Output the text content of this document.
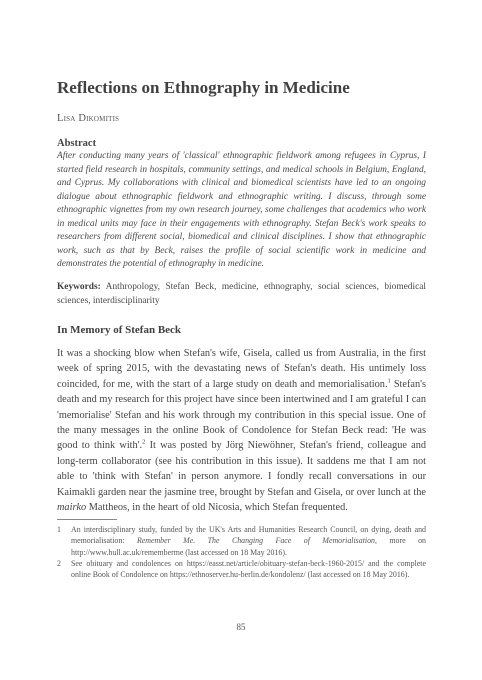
Reflections on Ethnography in Medicine
Lisa Dikomitis
Abstract

After conducting many years of 'classical' ethnographic fieldwork among refugees in Cyprus, I started field research in hospitals, community settings, and medical schools in Belgium, England, and Cyprus. My collaborations with clinical and biomedical scientists have led to an ongoing dialogue about ethnographic fieldwork and ethnographic writing. I discuss, through some ethnographic vignettes from my own research journey, some challenges that academics who work in medical units may face in their engagements with ethnography. Stefan Beck's work speaks to researchers from different social, biomedical and clinical disciplines. I show that ethnographic work, such as that by Beck, raises the profile of social scientific work in medicine and demonstrates the potential of ethnography in medicine.

Keywords: Anthropology, Stefan Beck, medicine, ethnography, social sciences, biomedical sciences, interdisciplinarity

In Memory of Stefan Beck

It was a shocking blow when Stefan's wife, Gisela, called us from Australia, in the first week of spring 2015, with the devastating news of Stefan's death. His untimely loss coincided, for me, with the start of a large study on death and memorialisation.$^1$ Stefan's death and my research for this project have since been intertwined and I am grateful I can 'memorialise' Stefan and his work through my contribution in this special issue. One of the many messages in the online Book of Condolence for Stefan Beck read: 'He was good to think with'.$^2$ It was posted by Jörg Niewöhner, Stefan's friend, colleague and long-term collaborator (see his contribution in this issue). It saddens me that I am not able to 'think with Stefan' in person anymore. I fondly recall conversations in our Kaimakli garden near the jasmine tree, brought by Stefan and Gisela, or over lunch at the mairko Mattheos, in the heart of old Nicosia, which Stefan frequented.

1 An interdisciplinary study, funded by the UK's Arts and Humanities Research Council, on dying, death and memorialisation: Remember Me. The Changing Face of Memorialisation, more on http://www.hull.ac.uk/rememberme (last accessed on 18 May 2016).
2 See obituary and condolences on https://easst.net/article/obituary-stefan-beck-1960-2015/ and the complete online Book of Condolence on https://ethnoserver.hu-berlin.de/kondolenz/ (last accessed on 18 May 2016).
85
